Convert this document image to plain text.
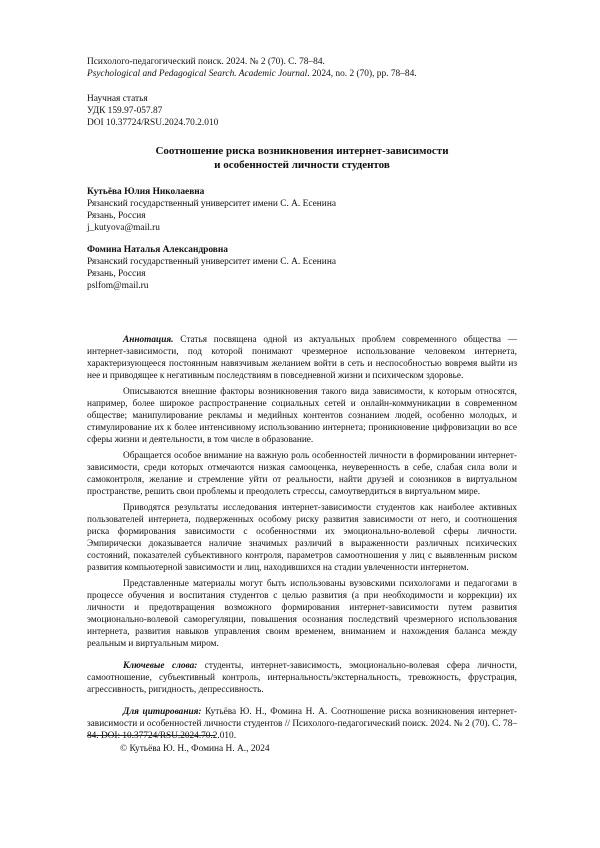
Психолого-педагогический поиск. 2024. № 2 (70). С. 78–84.
Psychological and Pedagogical Search. Academic Journal. 2024, no. 2 (70), pp. 78–84.
Научная статья
УДК 159.97-057.87
DOI 10.37724/RSU.2024.70.2.010
Соотношение риска возникновения интернет-зависимости
и особенностей личности студентов
Кутьёва Юлия Николаевна
Рязанский государственный университет имени С. А. Есенина
Рязань, Россия
j_kutyova@mail.ru
Фомина Наталья Александровна
Рязанский государственный университет имени С. А. Есенина
Рязань, Россия
pslfom@mail.ru

Аннотация. Статья посвящена одной из актуальных проблем современного общества — интернет-зависимости, под которой понимают чрезмерное использование человеком интернета, характеризующееся постоянным навязчивым желанием войти в сеть и неспособностью вовремя выйти из нее и приводящее к негативным последствиям в повседневной жизни и психическом здоровье.

Описываются внешние факторы возникновения такого вида зависимости, к которым относятся, например, более широкое распространение социальных сетей и онлайн-коммуникации в современном обществе; манипулирование рекламы и медийных контентов сознанием людей, особенно молодых, и стимулирование их к более интенсивному использованию интернета; проникновение цифровизации во все сферы жизни и деятельности, в том числе в образование.

Обращается особое внимание на важную роль особенностей личности в формировании интернет-зависимости, среди которых отмечаются низкая самооценка, неуверенность в себе, слабая сила воли и самоконтроля, желание и стремление уйти от реальности, найти друзей и союзников в виртуальном пространстве, решить свои проблемы и преодолеть стрессы, самоутвердиться в виртуальном мире.

Приводятся результаты исследования интернет-зависимости студентов как наиболее активных пользователей интернета, подверженных особому риску развития зависимости от него, и соотношения риска формирования зависимости с особенностями их эмоционально-волевой сферы личности. Эмпирически доказывается наличие значимых различий в выраженности различных психических состояний, показателей субъективного контроля, параметров самоотношения у лиц с выявленным риском развития компьютерной зависимости и лиц, находившихся на стадии увлеченности интернетом.

Представленные материалы могут быть использованы вузовскими психологами и педагогами в процессе обучения и воспитания студентов с целью развития (а при необходимости и коррекции) их личности и предотвращения возможного формирования интернет-зависимости путем развития эмоционально-волевой саморегуляции, повышения осознания последствий чрезмерного использования интернета, развития навыков управления своим временем, вниманием и нахождения баланса между реальным и виртуальным миром.

Ключевые слова: студенты, интернет-зависимость, эмоционально-волевая сфера личности, самоотношение, субъективный контроль, интернальность/экстернальность, тревожность, фрустрация, агрессивность, ригидность, депрессивность.

Для цитирования: Кутьёва Ю. Н., Фомина Н. А. Соотношение риска возникновения интернет-зависимости и особенностей личности студентов // Психолого-педагогический поиск. 2024. № 2 (70). С. 78–84. DOI: 10.37724/RSU.2024.70.2.010.

© Кутьёва Ю. Н., Фомина Н. А., 2024
